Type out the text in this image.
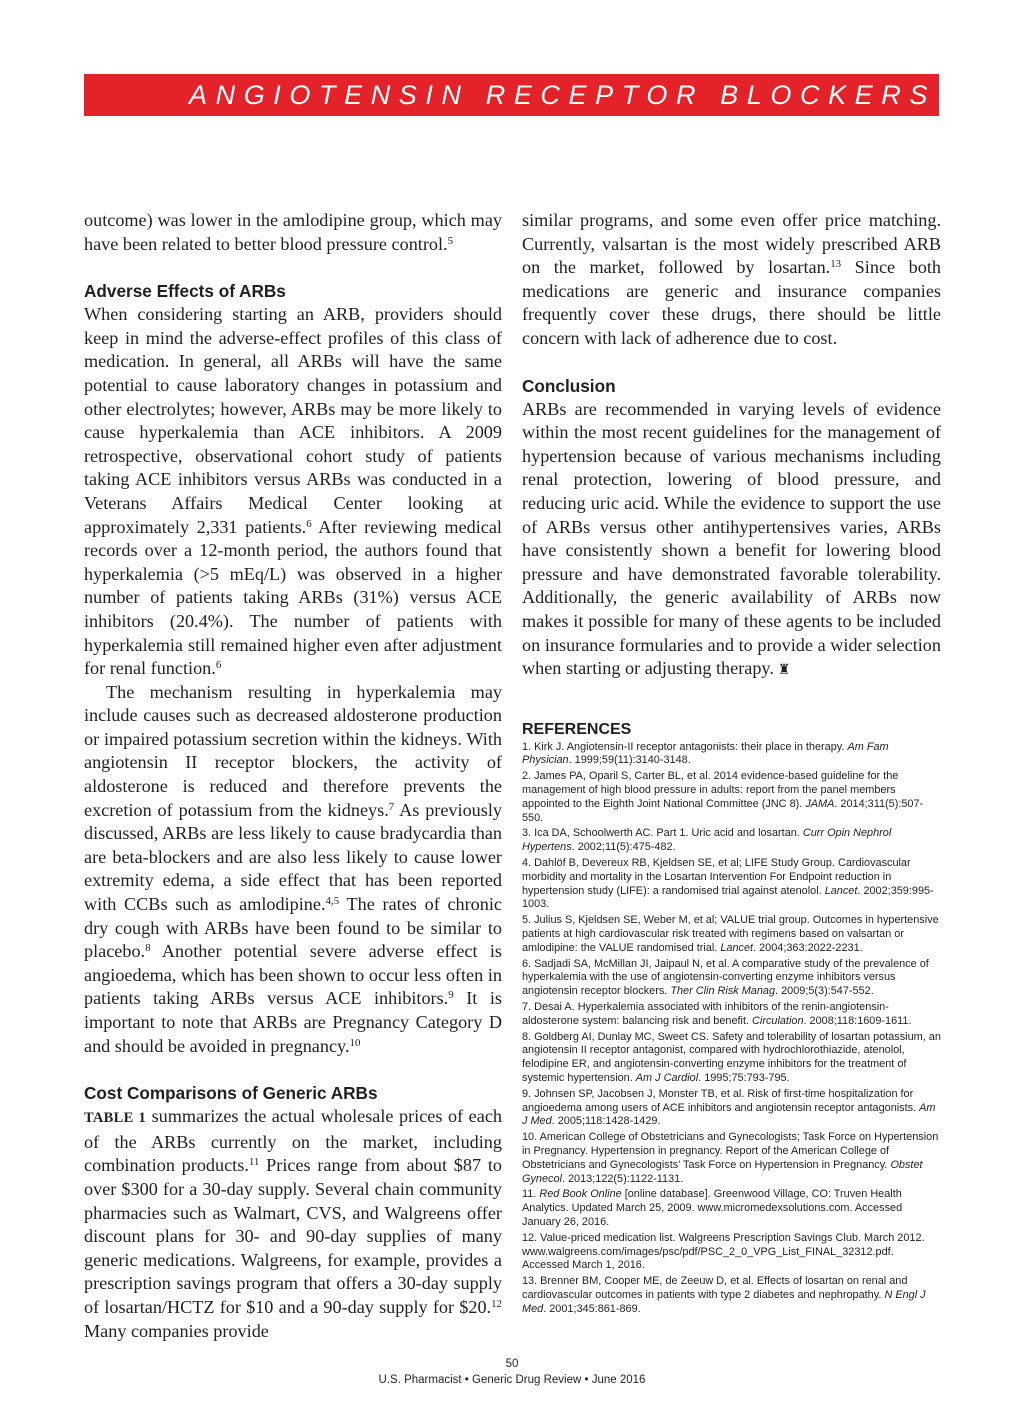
ANGIOTENSIN RECEPTOR BLOCKERS

outcome) was lower in the amlodipine group, which may have been related to better blood pressure control.$^5$

Adverse Effects of ARBs

When considering starting an ARB, providers should keep in mind the adverse-effect profiles of this class of medication. In general, all ARBs will have the same potential to cause laboratory changes in potassium and other electrolytes; however, ARBs may be more likely to cause hyperkalemia than ACE inhibitors. A 2009 retrospective, observational cohort study of patients taking ACE inhibitors versus ARBs was conducted in a Veterans Affairs Medical Center looking at approximately 2,331 patients.$^6$ After reviewing medical records over a 12-month period, the authors found that hyperkalemia (>5 mEq/L) was observed in a higher number of patients taking ARBs (31%) versus ACE inhibitors (20.4%). The number of patients with hyperkalemia still remained higher even after adjustment for renal function.$^6$

The mechanism resulting in hyperkalemia may include causes such as decreased aldosterone production or impaired potassium secretion within the kidneys. With angiotensin II receptor blockers, the activity of aldosterone is reduced and therefore prevents the excretion of potassium from the kidneys.$^7$ As previously discussed, ARBs are less likely to cause bradycardia than are beta-blockers and are also less likely to cause lower extremity edema, a side effect that has been reported with CCBs such as amlodipine.$^{4,5}$ The rates of chronic dry cough with ARBs have been found to be similar to placebo.$^8$ Another potential severe adverse effect is angioedema, which has been shown to occur less often in patients taking ARBs versus ACE inhibitors.$^9$ It is important to note that ARBs are Pregnancy Category D and should be avoided in pregnancy.$^{10}$

Cost Comparisons of Generic ARBs

TABLE 1 summarizes the actual wholesale prices of each of the ARBs currently on the market, including combination products.$^{11}$ Prices range from about $87 to over $300 for a 30-day supply. Several chain community pharmacies such as Walmart, CVS, and Walgreens offer discount plans for 30- and 90-day supplies of many generic medications. Walgreens, for example, provides a prescription savings program that offers a 30-day supply of losartan/HCTZ for $10 and a 90-day supply for $20.12 Many companies provide

similar programs, and some even offer price matching. Currently, valsartan is the most widely prescribed ARB on the market, followed by losartan.$^{13}$ Since both medications are generic and insurance companies frequently cover these drugs, there should be little concern with lack of adherence due to cost.

Conclusion

ARBs are recommended in varying levels of evidence within the most recent guidelines for the management of hypertension because of various mechanisms including renal protection, lowering of blood pressure, and reducing uric acid. While the evidence to support the use of ARBs versus other antihypertensives varies, ARBs have consistently shown a benefit for lowering blood pressure and have demonstrated favorable tolerability. Additionally, the generic availability of ARBs now makes it possible for many of these agents to be included on insurance formularies and to provide a wider selection when starting or adjusting therapy. ♜

REFERENCES
1. Kirk J. Angiotensin-II receptor antagonists: their place in therapy. Am Fam Physician. 1999;59(11):3140-3148.
2. James PA, Oparil S, Carter BL, et al. 2014 evidence-based guideline for the management of high blood pressure in adults: report from the panel members appointed to the Eighth Joint National Committee (JNC 8). JAMA. 2014;311(5):507-550.
3. Ica DA, Schoolwerth AC. Part 1. Uric acid and losartan. Curr Opin Nephrol Hypertens. 2002;11(5):475-482.
4. Dahlöf B, Devereux RB, Kjeldsen SE, et al; LIFE Study Group. Cardiovascular morbidity and mortality in the Losartan Intervention For Endpoint reduction in hypertension study (LIFE): a randomised trial against atenolol. Lancet. 2002;359:995-1003.
5. Julius S, Kjeldsen SE, Weber M, et al; VALUE trial group. Outcomes in hypertensive patients at high cardiovascular risk treated with regimens based on valsartan or amlodipine: the VALUE randomised trial. Lancet. 2004;363:2022-2231.
6. Sadjadi SA, McMillan JI, Jaipaul N, et al. A comparative study of the prevalence of hyperkalemia with the use of angiotensin-converting enzyme inhibitors versus angiotensin receptor blockers. Ther Clin Risk Manag. 2009;5(3):547-552.
7. Desai A. Hyperkalemia associated with inhibitors of the renin-angiotensin-aldosterone system: balancing risk and benefit. Circulation. 2008;118:1609-1611.
8. Goldberg AI, Dunlay MC, Sweet CS. Safety and tolerability of losartan potassium, an angiotensin II receptor antagonist, compared with hydrochlorothiazide, atenolol, felodipine ER, and angiotensin-converting enzyme inhibitors for the treatment of systemic hypertension. Am J Cardiol. 1995;75:793-795.
9. Johnsen SP, Jacobsen J, Monster TB, et al. Risk of first-time hospitalization for angioedema among users of ACE inhibitors and angiotensin receptor antagonists. Am J Med. 2005;118:1428-1429.
10. American College of Obstetricians and Gynecologists; Task Force on Hypertension in Pregnancy. Hypertension in pregnancy. Report of the American College of Obstetricians and Gynecologists’ Task Force on Hypertension in Pregnancy. Obstet Gynecol. 2013;122(5):1122-1131.
11. Red Book Online [online database]. Greenwood Village, CO: Truven Health Analytics. Updated March 25, 2009. www.micromedexsolutions.com. Accessed January 26, 2016.
12. Value-priced medication list. Walgreens Prescription Savings Club. March 2012. www.walgreens.com/images/psc/pdf/PSC_2_0_VPG_List_FINAL_32312.pdf. Accessed March 1, 2016.
13. Brenner BM, Cooper ME, de Zeeuw D, et al. Effects of losartan on renal and cardiovascular outcomes in patients with type 2 diabetes and nephropathy. N Engl J Med. 2001;345:861-869.
50
U.S. Pharmacist • Generic Drug Review • June 2016
